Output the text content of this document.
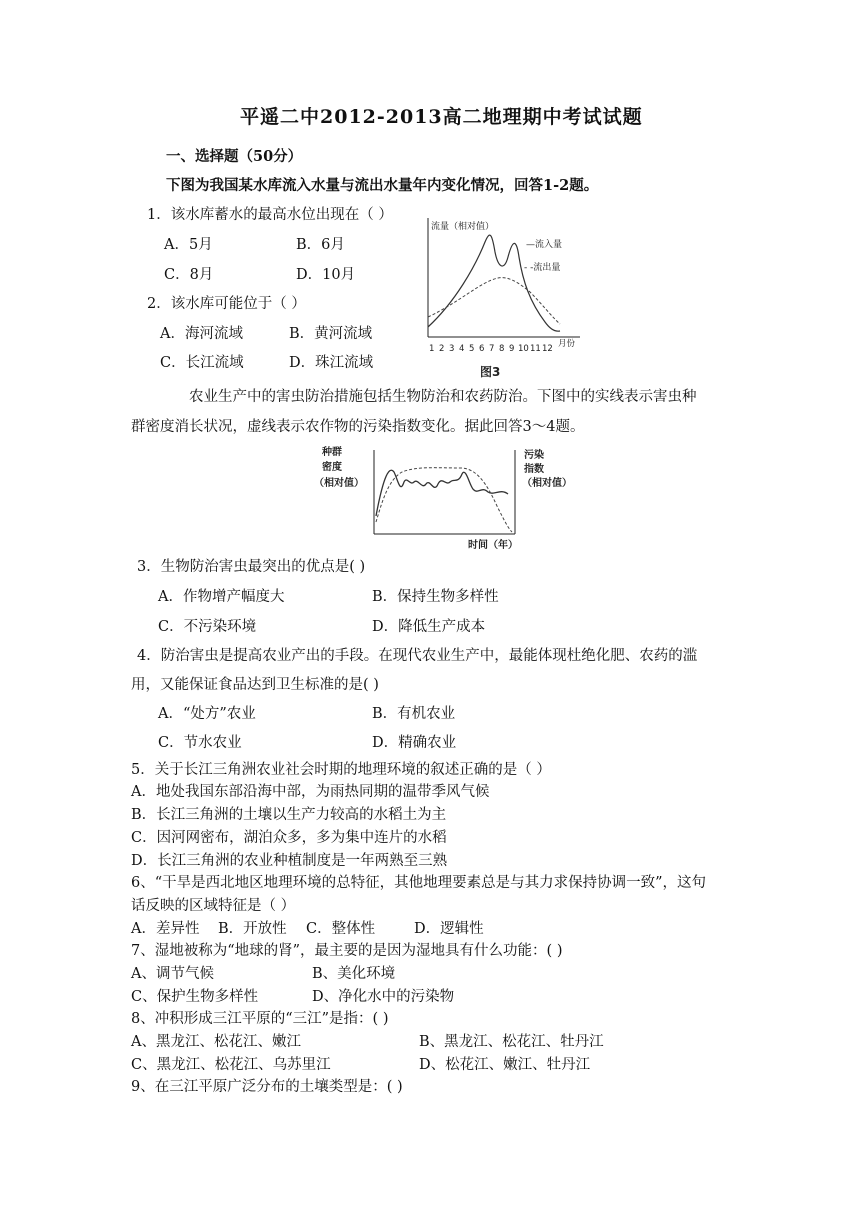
平遥二中2012-2013高二地理期中考试试题
一、选择题（50分）
下图为我国某水库流入水量与流出水量年内变化情况，回答1-2题。
1．该水库蓄水的最高水位出现在（ ）
A．5月	B．6月
C．8月	D．10月
2．该水库可能位于（ ）
A．海河流域	B．黄河流域
C．长江流域	D．珠江流域
流量（相对值）
—流入量
- -流出量
1 2 3 4 5 6 7 8 9 10 11 12 月份
图3
农业生产中的害虫防治措施包括生物防治和农药防治。下图中的实线表示害虫种
群密度消长状况，虚线表示农作物的污染指数变化。据此回答3～4题。
种群
密度
（相对值）
污染
指数
（相对值）
时间（年）
3．生物防治害虫最突出的优点是( )
A．作物增产幅度大	B．保持生物多样性
C．不污染环境	D．降低生产成本
4．防治害虫是提高农业产出的手段。在现代农业生产中，最能体现杜绝化肥、农药的滥
用，又能保证食品达到卫生标准的是( )
A．“处方”农业	B．有机农业
C．节水农业	D．精确农业
5．关于长江三角洲农业社会时期的地理环境的叙述正确的是（ ）
A．地处我国东部沿海中部，为雨热同期的温带季风气候
B．长江三角洲的土壤以生产力较高的水稻土为主
C．因河网密布，湖泊众多，多为集中连片的水稻
D．长江三角洲的农业种植制度是一年两熟至三熟
6、“干旱是西北地区地理环境的总特征，其他地理要素总是与其力求保持协调一致”，这句
话反映的区域特征是（ ）
A．差异性 B．开放性 C．整体性	D．逻辑性
7、湿地被称为“地球的肾”，最主要的是因为湿地具有什么功能：( )
A、调节气候	B、美化环境
C、保护生物多样性	D、净化水中的污染物
8、冲积形成三江平原的“三江”是指：( )
A、黑龙江、松花江、嫩江	B、黑龙江、松花江、牡丹江
C、黑龙江、松花江、乌苏里江	D、松花江、嫩江、牡丹江
9、在三江平原广泛分布的土壤类型是：( )
